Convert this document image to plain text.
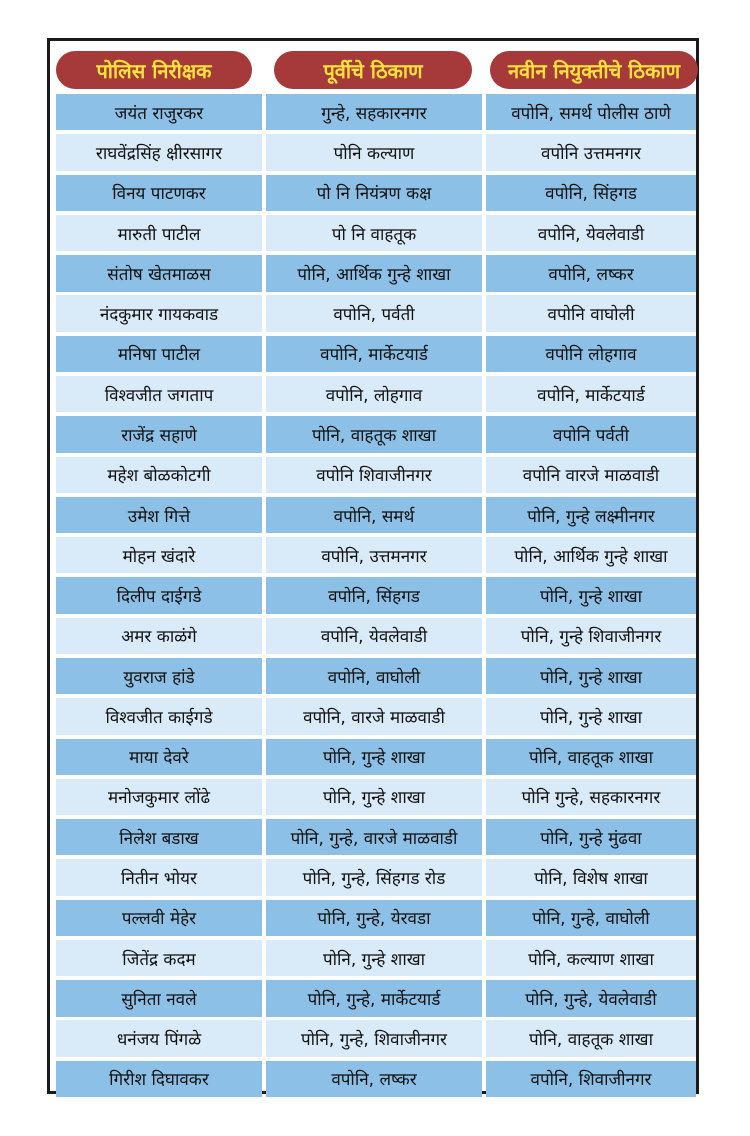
पोलिस निरीक्षक	पूर्वीचे ठिकाण	नवीन नियुक्तीचे ठिकाण
जयंत राजुरकर	गुन्हे, सहकारनगर	वपोनि, समर्थ पोलीस ठाणे
राघवेंद्रसिंह क्षीरसागर	पोनि कल्याण	वपोनि उत्तमनगर
विनय पाटणकर	पो नि नियंत्रण कक्ष	वपोनि, सिंहगड
मारुती पाटील	पो नि वाहतूक	वपोनि, येवलेवाडी
संतोष खेतमाळस	पोनि, आर्थिक गुन्हे शाखा	वपोनि, लष्कर
नंदकुमार गायकवाड	वपोनि, पर्वती	वपोनि वाघोली
मनिषा पाटील	वपोनि, मार्केटयार्ड	वपोनि लोहगाव
विश्वजीत जगताप	वपोनि, लोहगाव	वपोनि, मार्केटयार्ड
राजेंद्र सहाणे	पोनि, वाहतूक शाखा	वपोनि पर्वती
महेश बोळकोटगी	वपोनि शिवाजीनगर	वपोनि वारजे माळवाडी
उमेश गित्ते	वपोनि, समर्थ	पोनि, गुन्हे लक्ष्मीनगर
मोहन खंदारे	वपोनि, उत्तमनगर	पोनि, आर्थिक गुन्हे शाखा
दिलीप दाईगडे	वपोनि, सिंहगड	पोनि, गुन्हे शाखा
अमर काळंगे	वपोनि, येवलेवाडी	पोनि, गुन्हे शिवाजीनगर
युवराज हांडे	वपोनि, वाघोली	पोनि, गुन्हे शाखा
विश्वजीत काईगडे	वपोनि, वारजे माळवाडी	पोनि, गुन्हे शाखा
माया देवरे	पोनि, गुन्हे शाखा	पोनि, वाहतूक शाखा
मनोजकुमार लोंढे	पोनि, गुन्हे शाखा	पोनि गुन्हे, सहकारनगर
निलेश बडाख	पोनि, गुन्हे, वारजे माळवाडी	पोनि, गुन्हे मुंढवा
नितीन भोयर	पोनि, गुन्हे, सिंहगड रोड	पोनि, विशेष शाखा
पल्लवी मेहेर	पोनि, गुन्हे, येरवडा	पोनि, गुन्हे, वाघोली
जितेंद्र कदम	पोनि, गुन्हे शाखा	पोनि, कल्याण शाखा
सुनिता नवले	पोनि, गुन्हे, मार्केटयार्ड	पोनि, गुन्हे, येवलेवाडी
धनंजय पिंगळे	पोनि, गुन्हे, शिवाजीनगर	पोनि, वाहतूक शाखा
गिरीश दिघावकर	वपोनि, लष्कर	वपोनि, शिवाजीनगर
